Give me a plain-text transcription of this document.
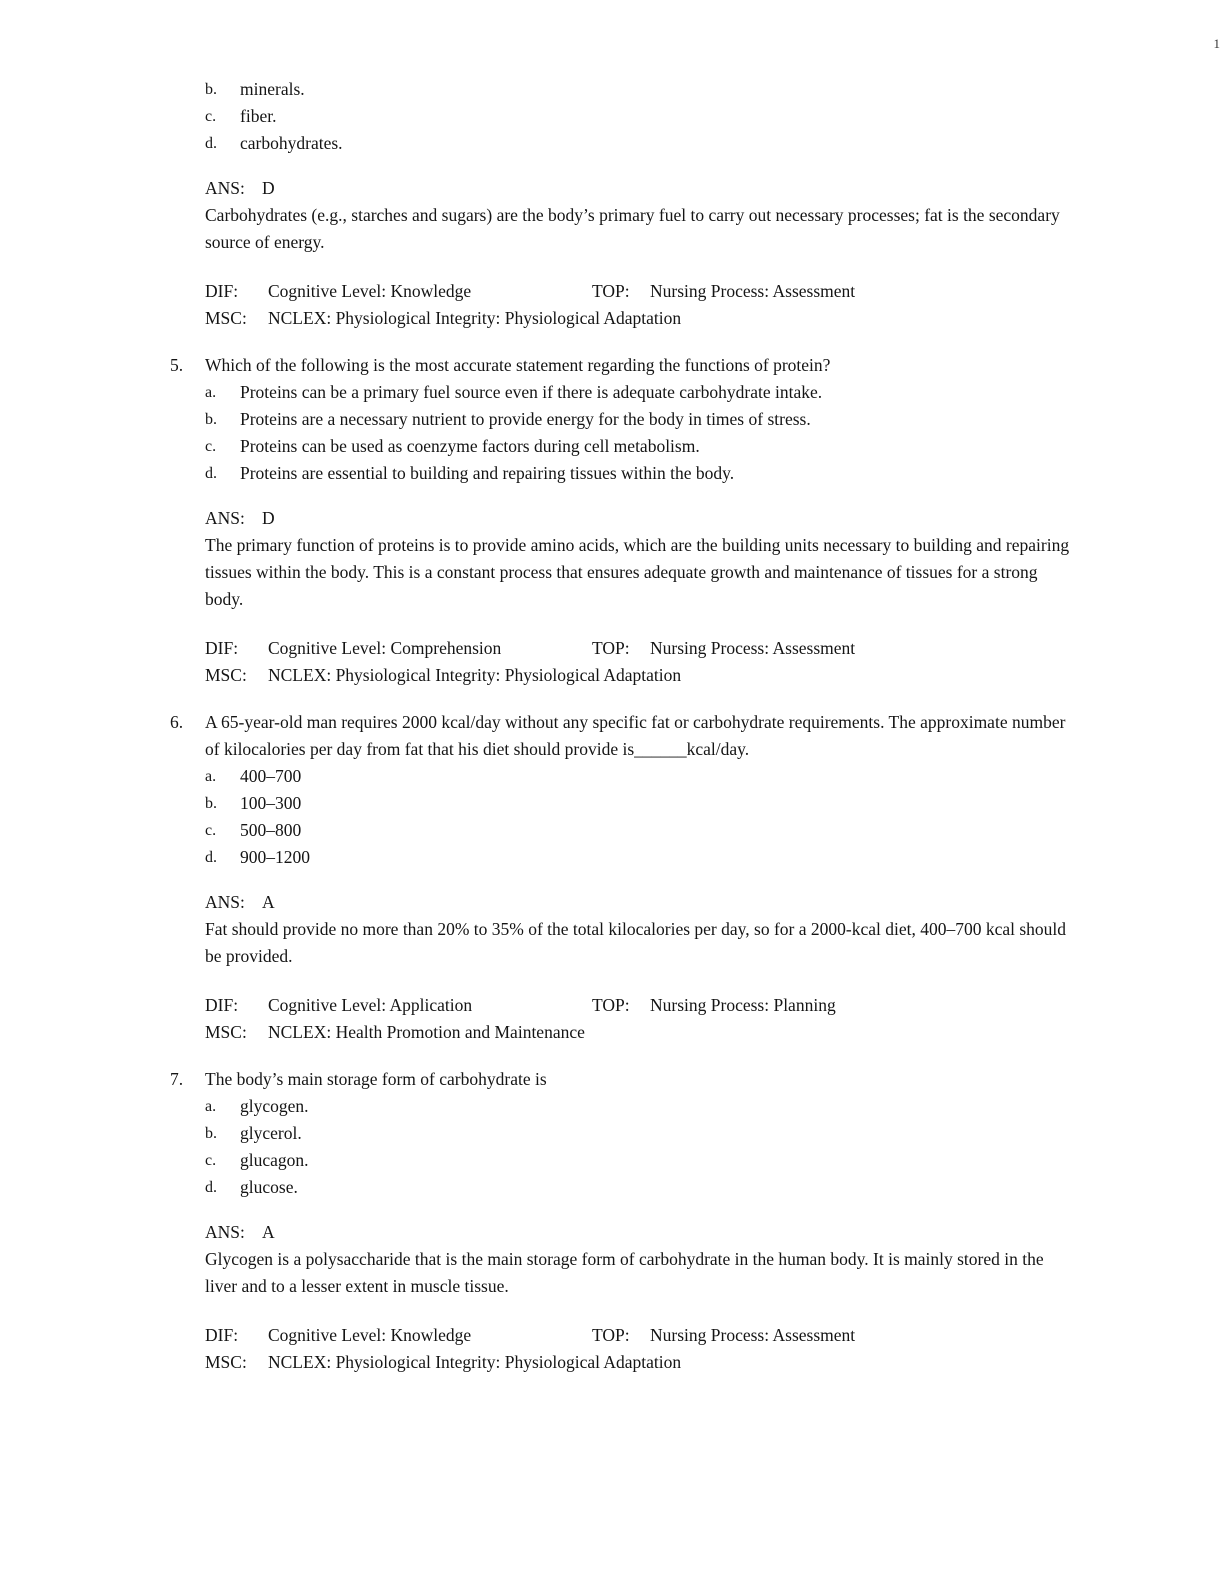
1
b.	minerals.
c.	fiber.
d.	carbohydrates.
ANS: D
Carbohydrates (e.g., starches and sugars) are the body’s primary fuel to carry out necessary processes; fat is the secondary source of energy.
DIF:	Cognitive Level: Knowledge	TOP:	Nursing Process: Assessment
MSC:	NCLEX: Physiological Integrity: Physiological Adaptation
5.	Which of the following is the most accurate statement regarding the functions of protein?
a.	Proteins can be a primary fuel source even if there is adequate carbohydrate intake.
b.	Proteins are a necessary nutrient to provide energy for the body in times of stress.
c.	Proteins can be used as coenzyme factors during cell metabolism.
d.	Proteins are essential to building and repairing tissues within the body.
ANS: D
The primary function of proteins is to provide amino acids, which are the building units necessary to building and repairing tissues within the body. This is a constant process that ensures adequate growth and maintenance of tissues for a strong body.
DIF:	Cognitive Level: Comprehension	TOP:	Nursing Process: Assessment
MSC:	NCLEX: Physiological Integrity: Physiological Adaptation
6.	A 65-year-old man requires 2000 kcal/day without any specific fat or carbohydrate requirements. The approximate number of kilocalories per day from fat that his diet should provide is______kcal/day.
a.	400–700
b.	100–300
c.	500–800
d.	900–1200
ANS: A
Fat should provide no more than 20% to 35% of the total kilocalories per day, so for a 2000-kcal diet, 400–700 kcal should be provided.
DIF:	Cognitive Level: Application	TOP:	Nursing Process: Planning
MSC:	NCLEX: Health Promotion and Maintenance
7.	The body’s main storage form of carbohydrate is
a.	glycogen.
b.	glycerol.
c.	glucagon.
d.	glucose.
ANS: A
Glycogen is a polysaccharide that is the main storage form of carbohydrate in the human body. It is mainly stored in the liver and to a lesser extent in muscle tissue.
DIF:	Cognitive Level: Knowledge	TOP:	Nursing Process: Assessment
MSC:	NCLEX: Physiological Integrity: Physiological Adaptation
